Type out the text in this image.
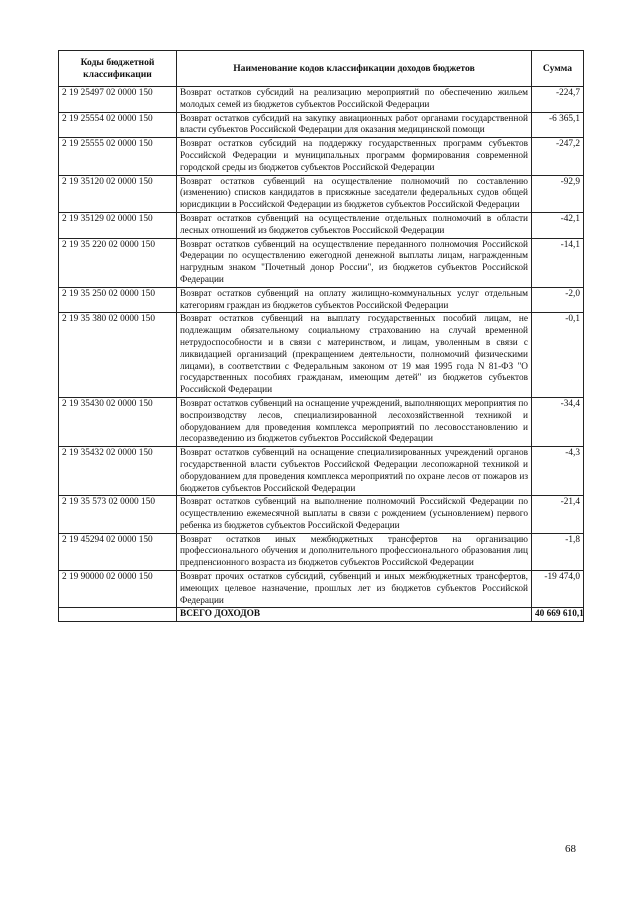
Коды бюджетной классификации	Наименование кодов классификации доходов бюджетов	Сумма
2 19 25497 02 0000 150	Возврат остатков субсидий на реализацию мероприятий по обеспечению жильем молодых семей из бюджетов субъектов Российской Федерации	-224,7
2 19 25554 02 0000 150	Возврат остатков субсидий на закупку авиационных работ органами государственной власти субъектов Российской Федерации для оказания медицинской помощи	-6 365,1
2 19 25555 02 0000 150	Возврат остатков субсидий на поддержку государственных программ субъектов Российской Федерации и муниципальных программ формирования современной городской среды из бюджетов субъектов Российской Федерации	-247,2
2 19 35120 02 0000 150	Возврат остатков субвенций на осуществление полномочий по составлению (изменению) списков кандидатов в присяжные заседатели федеральных судов общей юрисдикции в Российской Федерации из бюджетов субъектов Российской Федерации	-92,9
2 19 35129 02 0000 150	Возврат остатков субвенций на осуществление отдельных полномочий в области лесных отношений из бюджетов субъектов Российской Федерации	-42,1
2 19 35 220 02 0000 150	Возврат остатков субвенций на осуществление переданного полномочия Российской Федерации по осуществлению ежегодной денежной выплаты лицам, награжденным нагрудным знаком "Почетный донор России", из бюджетов субъектов Российской Федерации	-14,1
2 19 35 250 02 0000 150	Возврат остатков субвенций на оплату жилищно-коммунальных услуг отдельным категориям граждан из бюджетов субъектов Российской Федерации	-2,0
2 19 35 380 02 0000 150	Возврат остатков субвенций на выплату государственных пособий лицам, не подлежащим обязательному социальному страхованию на случай временной нетрудоспособности и в связи с материнством, и лицам, уволенным в связи с ликвидацией организаций (прекращением деятельности, полномочий физическими лицами), в соответствии с Федеральным законом от 19 мая 1995 года N 81-ФЗ "О государственных пособиях гражданам, имеющим детей" из бюджетов субъектов Российской Федерации	-0,1
2 19 35430 02 0000 150	Возврат остатков субвенций на оснащение учреждений, выполняющих мероприятия по воспроизводству лесов, специализированной лесохозяйственной техникой и оборудованием для проведения комплекса мероприятий по лесовосстановлению и лесоразведению из бюджетов субъектов Российской Федерации	-34,4
2 19 35432 02 0000 150	Возврат остатков субвенций на оснащение специализированных учреждений органов государственной власти субъектов Российской Федерации лесопожарной техникой и оборудованием для проведения комплекса мероприятий по охране лесов от пожаров из бюджетов субъектов Российской Федерации	-4,3
2 19 35 573 02 0000 150	Возврат остатков субвенций на выполнение полномочий Российской Федерации по осуществлению ежемесячной выплаты в связи с рождением (усыновлением) первого ребенка из бюджетов субъектов Российской Федерации	-21,4
2 19 45294 02 0000 150	Возврат остатков иных межбюджетных трансфертов на организацию профессионального обучения и дополнительного профессионального образования лиц предпенсионного возраста из бюджетов субъектов Российской Федерации	-1,8
2 19 90000 02 0000 150	Возврат прочих остатков субсидий, субвенций и иных межбюджетных трансфертов, имеющих целевое назначение, прошлых лет из бюджетов субъектов Российской Федерации	-19 474,0
	ВСЕГО ДОХОДОВ	40 669 610,1
68
